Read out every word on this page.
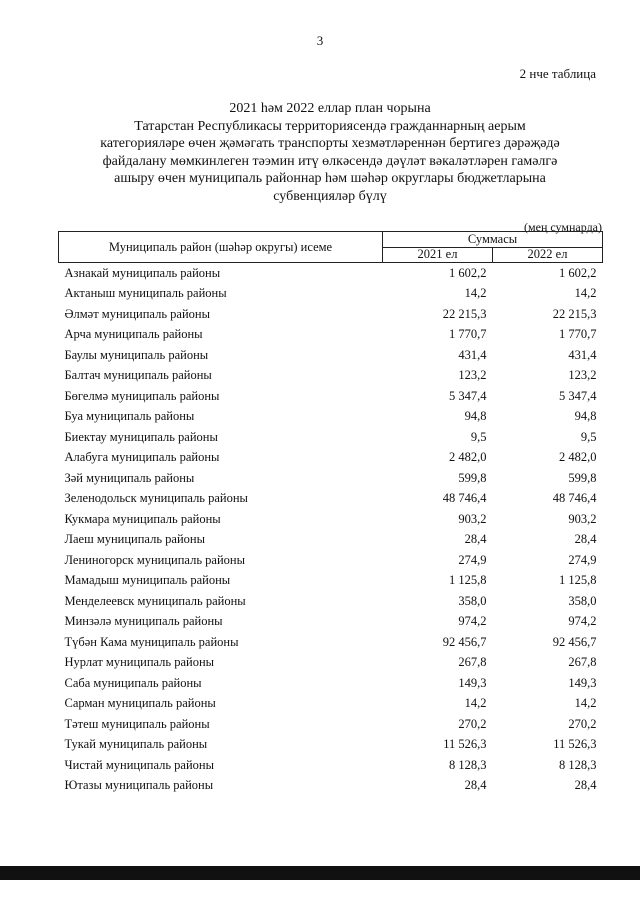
3
2 нче таблица
2021 һәм 2022 еллар план чорына
Татарстан Республикасы территориясендә гражданнарның аерым
категорияләре өчен җәмәгать транспорты хезмәтләреннән бертигез дәрәҗәдә
файдалану мөмкинлеген тәэмин итү өлкәсендә дәүләт вәкаләтләрен гамәлгә
ашыру өчен муниципаль районнар һәм шәһәр округлары бюджетларына
субвенцияләр бүлү
(мең сумнарда)
Муниципаль район (шәһәр округы) исеме	Суммасы	
	2021 ел	2022 ел
Азнакай муниципаль районы	1 602,2	1 602,2
Актаныш муниципаль районы	14,2	14,2
Әлмәт муниципаль районы	22 215,3	22 215,3
Арча муниципаль районы	1 770,7	1 770,7
Баулы муниципаль районы	431,4	431,4
Балтач муниципаль районы	123,2	123,2
Бөгелмә муниципаль районы	5 347,4	5 347,4
Буа муниципаль районы	94,8	94,8
Биектау муниципаль районы	9,5	9,5
Алабуга муниципаль районы	2 482,0	2 482,0
Зәй муниципаль районы	599,8	599,8
Зеленодольск муниципаль районы	48 746,4	48 746,4
Кукмара муниципаль районы	903,2	903,2
Лаеш муниципаль районы	28,4	28,4
Лениногорск муниципаль районы	274,9	274,9
Мамадыш муниципаль районы	1 125,8	1 125,8
Менделеевск муниципаль районы	358,0	358,0
Минзәлә муниципаль районы	974,2	974,2
Түбән Кама муниципаль районы	92 456,7	92 456,7
Нурлат муниципаль районы	267,8	267,8
Саба муниципаль районы	149,3	149,3
Сарман муниципаль районы	14,2	14,2
Тәтеш муниципаль районы	270,2	270,2
Тукай муниципаль районы	11 526,3	11 526,3
Чистай муниципаль районы	8 128,3	8 128,3
Ютазы муниципаль районы	28,4	28,4
